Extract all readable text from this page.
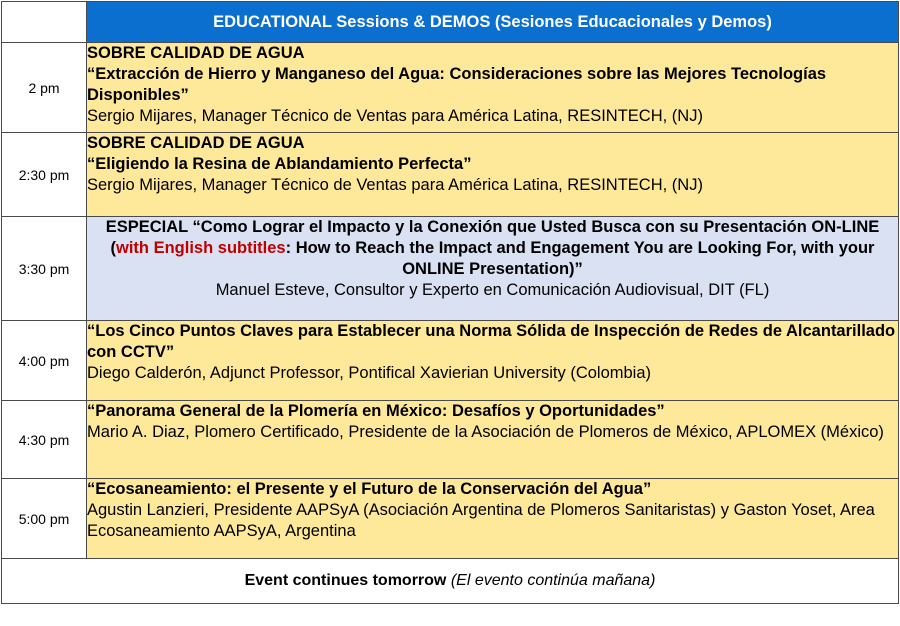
	EDUCATIONAL Sessions & DEMOS (Sesiones Educacionales y Demos)
2 pm	SOBRE CALIDAD DE AGUA
“Extracción de Hierro y Manganeso del Agua: Consideraciones sobre las Mejores Tecnologías Disponibles”
Sergio Mijares, Manager Técnico de Ventas para América Latina, RESINTECH, (NJ)

2:30 pm	SOBRE CALIDAD DE AGUA
“Eligiendo la Resina de Ablandamiento Perfecta”
Sergio Mijares, Manager Técnico de Ventas para América Latina, RESINTECH, (NJ)

3:30 pm	ESPECIAL “Como Lograr el Impacto y la Conexión que Usted Busca con su Presentación ON-LINE (with English subtitles: How to Reach the Impact and Engagement You are Looking For, with your ONLINE Presentation)”
Manuel Esteve, Consultor y Experto en Comunicación Audiovisual, DIT (FL)

4:00 pm	“Los Cinco Puntos Claves para Establecer una Norma Sólida de Inspección de Redes de Alcantarillado con CCTV”
Diego Calderón, Adjunct Professor, Pontifical Xavierian University (Colombia)

4:30 pm	“Panorama General de la Plomería en México: Desafíos y Oportunidades”
Mario A. Diaz, Plomero Certificado, Presidente de la Asociación de Plomeros de México, APLOMEX (México)

5:00 pm	“Ecosaneamiento: el Presente y el Futuro de la Conservación del Agua”
Agustin Lanzieri, Presidente AAPSyA (Asociación Argentina de Plomeros Sanitaristas) y Gaston Yoset, Area Ecosaneamiento AAPSyA, Argentina

Event continues tomorrow (El evento continúa mañana)	
